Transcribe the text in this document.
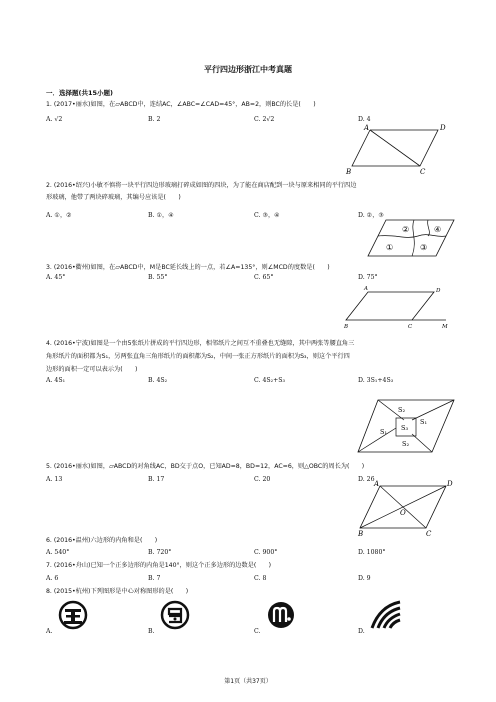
平行四边形浙江中考真题
一．选择题(共15小题)
1. (2017•丽水)如图，在▱ABCD中，连结AC，∠ABC=∠CAD=45°，AB=2，则BC的长是(　　)
A. √2	B. 2	C. 2√2	D. 4
A	D
B	C
2. (2016•绍兴)小敏不慎将一块平行四边形玻璃打碎成如图的四块，为了能在商店配到一块与原来相同的平行四边
形玻璃，他带了两块碎玻璃，其编号应该是(　　)
A. ①，②	B. ①，④	C. ③，④	D. ②，③
②	④
①	③
3. (2016•衢州)如图，在▱ABCD中，M是BC延长线上的一点，若∠A=135°，则∠MCD的度数是(　　)
A. 45°	B. 55°	C. 65°	D. 75°
A	D
B	C	M
4. (2016•宁波)如图是一个由5张纸片拼成的平行四边形，相邻纸片之间互不重叠也无缝隙，其中两张等腰直角三
角形纸片的面积都为S₁，另两张直角三角形纸片的面积都为S₂，中间一张正方形纸片的面积为S₃，则这个平行四
边形的面积一定可以表示为(　　)
A. 4S₁	B. 4S₂	C. 4S₂+S₃	D. 3S₁+4S₃
S₂
S₁
S₃
S₁
S₂
5. (2016•丽水)如图，▱ABCD的对角线AC，BD交于点O，已知AD=8，BD=12，AC=6，则△OBC的周长为(　　)
A. 13	B. 17	C. 20	D. 26
A	D
O
B	C
6. (2016•温州)六边形的内角和是(　　)
A. 540°	B. 720°	C. 900°	D. 1080°
7. (2016•舟山)已知一个正多边形的内角是140°，则这个正多边形的边数是(　　)
A. 6	B. 7	C. 8	D. 9
8. (2015•杭州)下列图形是中心对称图形的是(　　)
A.	B.	C.	D.
第1页（共37页）
